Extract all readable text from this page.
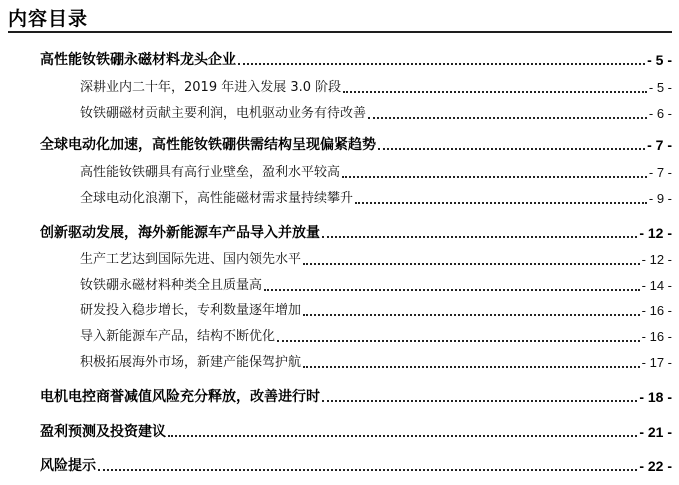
内容目录
高性能钕铁硼永磁材料龙头企业	- 5 -
深耕业内二十年，2019 年进入发展 3.0 阶段	- 5 -
钕铁硼磁材贡献主要利润，电机驱动业务有待改善	- 6 -
全球电动化加速，高性能钕铁硼供需结构呈现偏紧趋势	- 7 -
高性能钕铁硼具有高行业壁垒，盈利水平较高	- 7 -
全球电动化浪潮下，高性能磁材需求量持续攀升	- 9 -
创新驱动发展，海外新能源车产品导入并放量	- 12 -
生产工艺达到国际先进、国内领先水平	- 12 -
钕铁硼永磁材料种类全且质量高	- 14 -
研发投入稳步增长，专利数量逐年增加	- 16 -
导入新能源车产品，结构不断优化	- 16 -
积极拓展海外市场，新建产能保驾护航	- 17 -
电机电控商誉减值风险充分释放，改善进行时	- 18 -
盈利预测及投资建议	- 21 -
风险提示	- 22 -
